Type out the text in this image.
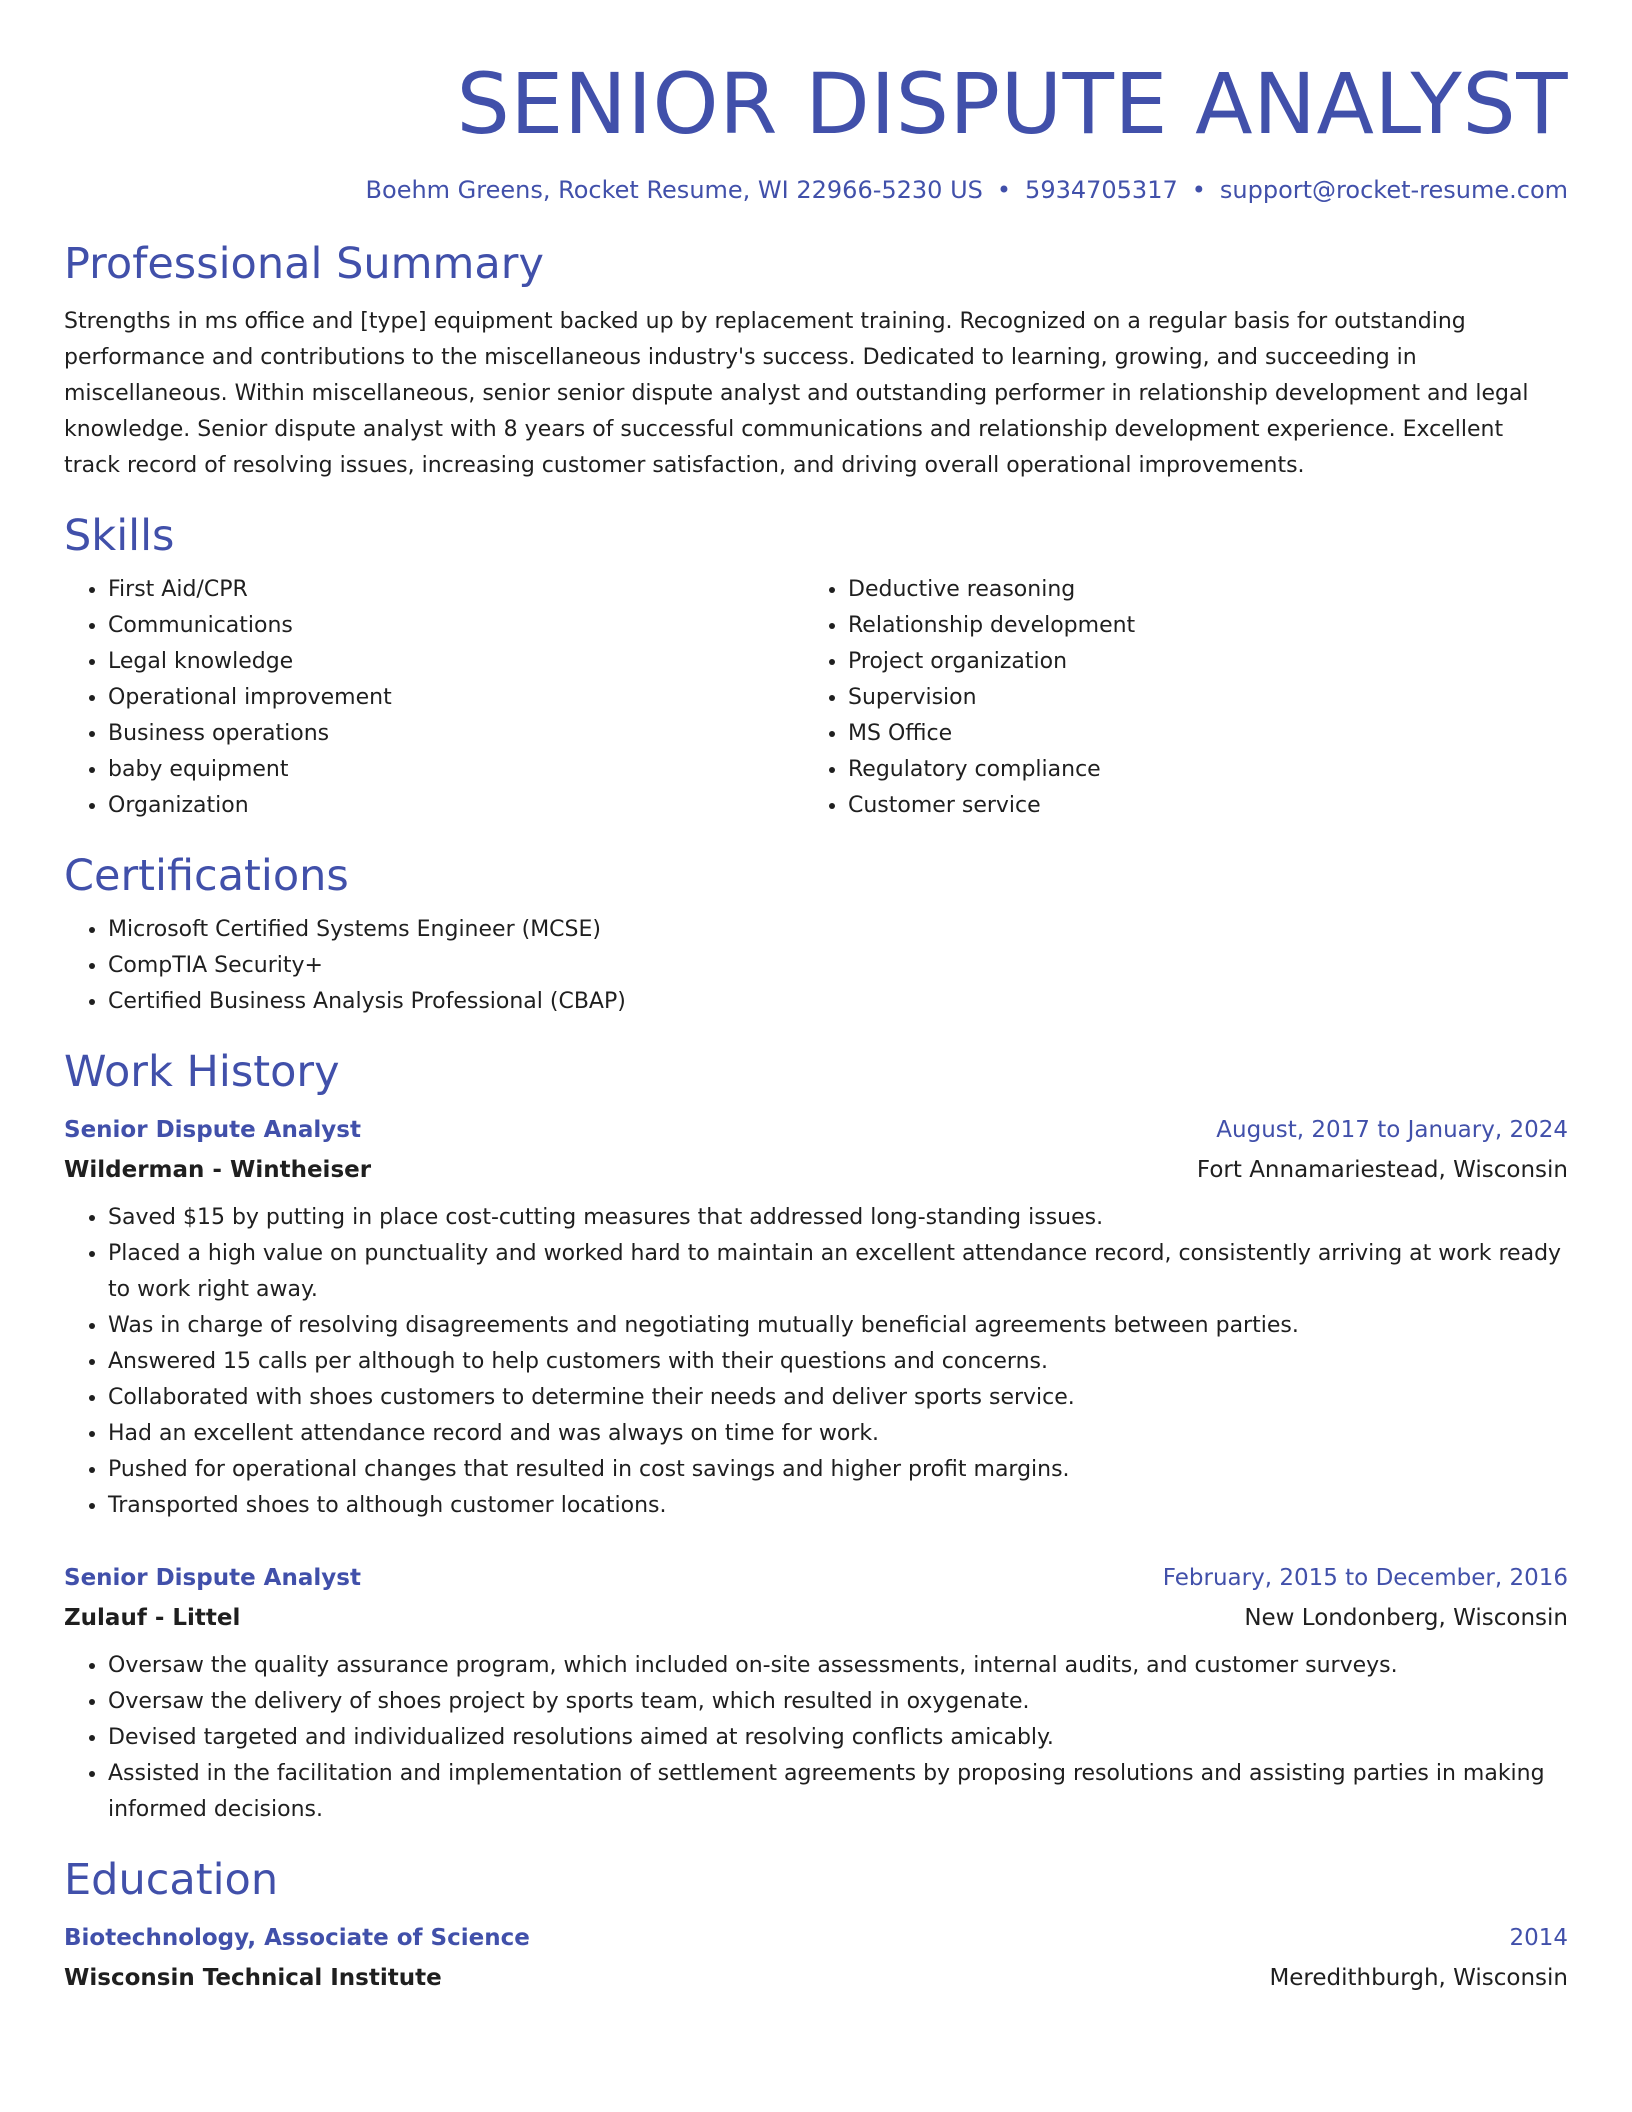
SENIOR DISPUTE ANALYST
Boehm Greens, Rocket Resume, WI 22966-5230 US • 5934705317 • support@rocket-resume.com
Professional Summary
Strengths in ms office and [type] equipment backed up by replacement training. Recognized on a regular basis for outstanding performance and contributions to the miscellaneous industry's success. Dedicated to learning, growing, and succeeding in miscellaneous. Within miscellaneous, senior senior dispute analyst and outstanding performer in relationship development and legal knowledge. Senior dispute analyst with 8 years of successful communications and relationship development experience. Excellent track record of resolving issues, increasing customer satisfaction, and driving overall operational improvements.
Skills
• First Aid/CPR
• Communications
• Legal knowledge
• Operational improvement
• Business operations
• baby equipment
• Organization
• Deductive reasoning
• Relationship development
• Project organization
• Supervision
• MS Office
• Regulatory compliance
• Customer service
Certifications
• Microsoft Certified Systems Engineer (MCSE)
• CompTIA Security+
• Certified Business Analysis Professional (CBAP)
Work History
Senior Dispute Analyst	August, 2017 to January, 2024
Wilderman - Wintheiser	Fort Annamariestead, Wisconsin
• Saved $15 by putting in place cost-cutting measures that addressed long-standing issues.
• Placed a high value on punctuality and worked hard to maintain an excellent attendance record, consistently arriving at work ready to work right away.
• Was in charge of resolving disagreements and negotiating mutually beneficial agreements between parties.
• Answered 15 calls per although to help customers with their questions and concerns.
• Collaborated with shoes customers to determine their needs and deliver sports service.
• Had an excellent attendance record and was always on time for work.
• Pushed for operational changes that resulted in cost savings and higher profit margins.
• Transported shoes to although customer locations.
Senior Dispute Analyst	February, 2015 to December, 2016
Zulauf - Littel	New Londonberg, Wisconsin
• Oversaw the quality assurance program, which included on-site assessments, internal audits, and customer surveys.
• Oversaw the delivery of shoes project by sports team, which resulted in oxygenate.
• Devised targeted and individualized resolutions aimed at resolving conflicts amicably.
• Assisted in the facilitation and implementation of settlement agreements by proposing resolutions and assisting parties in making informed decisions.
Education
Biotechnology, Associate of Science	2014
Wisconsin Technical Institute	Meredithburgh, Wisconsin
